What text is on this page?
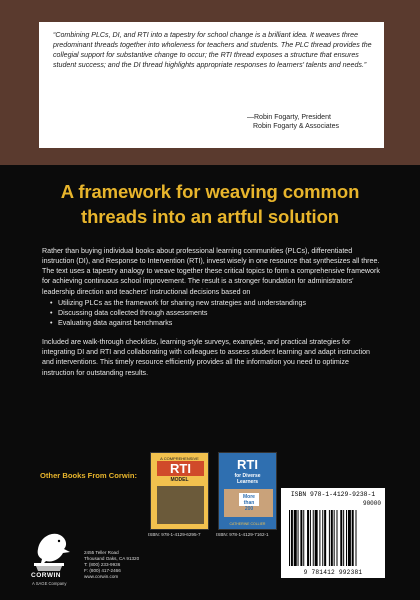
“Combining PLCs, DI, and RTI into a tapestry for school change is a brilliant idea. It weaves three predominant threads together into wholeness for teachers and students. The PLC thread provides the collegial support for substantive change to occur; the RTI thread exposes a structure that ensures student success; and the DI thread highlights appropriate responses to learners' talents and needs.”
—Robin Fogarty, President
Robin Fogarty & Associates
A framework for weaving common
threads into an artful solution
Rather than buying individual books about professional learning communities (PLCs), differentiated instruction (DI), and Response to Intervention (RTI), invest wisely in one resource that synthesizes all three. The text uses a tapestry analogy to weave together these critical topics to form a comprehensive framework for achieving continuous school improvement. The result is a stronger foundation for administrators' leadership direction and teachers' instructional decisions based on
• Utilizing PLCs as the framework for sharing new strategies and understandings
• Discussing data collected through assessments
• Evaluating data against benchmarks
Included are walk-through checklists, learning-style surveys, examples, and practical strategies for integrating DI and RTI and collaborating with colleagues to assess student learning and adapt instruction and interventions. This timely resource efficiently provides all the information you need to optimize instruction for outstanding results.
Other Books From Corwin:
A COMPREHENSIVE
RTI
MODEL
RTI
for Diverse
Learners
More than
200
CATHERINE COLLIER
ISBN: 978-1-4129-6295-7	ISBN: 978-1-4129-7162-1
CORWIN
A SAGE Company
2455 Teller Road
Thousand Oaks, CA 91320
T: (800) 233-9936
F: (800) 417-2466
www.corwin.com
ISBN 978-1-4129-9238-1
90000
9 781412 992381
